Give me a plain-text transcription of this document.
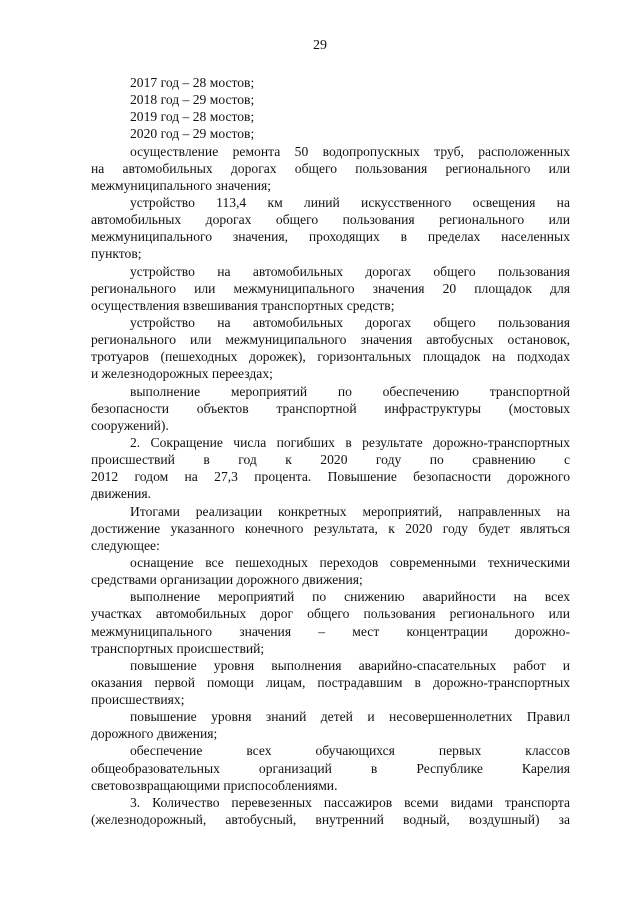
29
2017 год – 28 мостов;
2018 год – 29 мостов;
2019 год – 28 мостов;
2020 год – 29 мостов;
осуществление ремонта 50 водопропускных труб, расположенных
на автомобильных дорогах общего пользования регионального или
межмуниципального значения;
устройство 113,4 км линий искусственного освещения на
автомобильных дорогах общего пользования регионального или
межмуниципального значения, проходящих в пределах населенных
пунктов;
устройство на автомобильных дорогах общего пользования
регионального или межмуниципального значения 20 площадок для
осуществления взвешивания транспортных средств;
устройство на автомобильных дорогах общего пользования
регионального или межмуниципального значения автобусных остановок,
тротуаров (пешеходных дорожек), горизонтальных площадок на подходах
и железнодорожных переездах;
выполнение мероприятий по обеспечению транспортной
безопасности объектов транспортной инфраструктуры (мостовых
сооружений).
2. Сокращение числа погибших в результате дорожно-транспортных
происшествий в год к 2020 году по сравнению с
2012 годом на 27,3 процента. Повышение безопасности дорожного
движения.
Итогами реализации конкретных мероприятий, направленных на
достижение указанного конечного результата, к 2020 году будет являться
следующее:
оснащение все пешеходных переходов современными техническими
средствами организации дорожного движения;
выполнение мероприятий по снижению аварийности на всех
участках автомобильных дорог общего пользования регионального или
межмуниципального значения – мест концентрации дорожно-
транспортных происшествий;
повышение уровня выполнения аварийно-спасательных работ и
оказания первой помощи лицам, пострадавшим в дорожно-транспортных
происшествиях;
повышение уровня знаний детей и несовершеннолетних Правил
дорожного движения;
обеспечение всех обучающихся первых классов
общеобразовательных организаций в Республике Карелия
световозвращающими приспособлениями.
3. Количество перевезенных пассажиров всеми видами транспорта
(железнодорожный, автобусный, внутренний водный, воздушный) за
